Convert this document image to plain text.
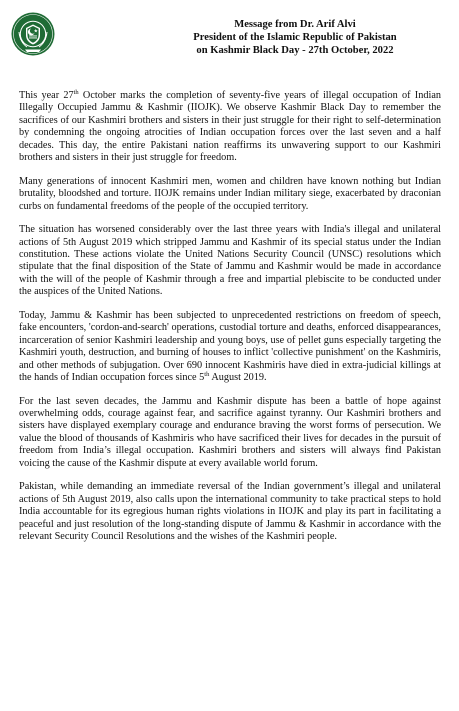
Message from Dr. Arif Alvi
President of the Islamic Republic of Pakistan
on Kashmir Black Day - 27th October, 2022

This year 27th October marks the completion of seventy-five years of illegal occupation of Indian Illegally Occupied Jammu & Kashmir (IIOJK). We observe Kashmir Black Day to remember the sacrifices of our Kashmiri brothers and sisters in their just struggle for their right to self-determination by condemning the ongoing atrocities of Indian occupation forces over the last seven and a half decades. This day, the entire Pakistani nation reaffirms its unwavering support to our Kashmiri brothers and sisters in their just struggle for freedom.

Many generations of innocent Kashmiri men, women and children have known nothing but Indian brutality, bloodshed and torture. IIOJK remains under Indian military siege, exacerbated by draconian curbs on fundamental freedoms of the people of the occupied territory.

The situation has worsened considerably over the last three years with India's illegal and unilateral actions of 5th August 2019 which stripped Jammu and Kashmir of its special status under the Indian constitution. These actions violate the United Nations Security Council (UNSC) resolutions which stipulate that the final disposition of the State of Jammu and Kashmir would be made in accordance with the will of the people of Kashmir through a free and impartial plebiscite to be conducted under the auspices of the United Nations.

Today, Jammu & Kashmir has been subjected to unprecedented restrictions on freedom of speech, fake encounters, 'cordon-and-search' operations, custodial torture and deaths, enforced disappearances, incarceration of senior Kashmiri leadership and young boys, use of pellet guns especially targeting the Kashmiri youth, destruction, and burning of houses to inflict 'collective punishment' on the Kashmiris, and other methods of subjugation. Over 690 innocent Kashmiris have died in extra-judicial killings at the hands of Indian occupation forces since 5th August 2019.

For the last seven decades, the Jammu and Kashmir dispute has been a battle of hope against overwhelming odds, courage against fear, and sacrifice against tyranny. Our Kashmiri brothers and sisters have displayed exemplary courage and endurance braving the worst forms of persecution. We value the blood of thousands of Kashmiris who have sacrificed their lives for decades in the pursuit of freedom from India’s illegal occupation. Kashmiri brothers and sisters will always find Pakistan voicing the cause of the Kashmir dispute at every available world forum.

Pakistan, while demanding an immediate reversal of the Indian government’s illegal and unilateral actions of 5th August 2019, also calls upon the international community to take practical steps to hold India accountable for its egregious human rights violations in IIOJK and play its part in facilitating a peaceful and just resolution of the long-standing dispute of Jammu & Kashmir in accordance with the relevant Security Council Resolutions and the wishes of the Kashmiri people.
